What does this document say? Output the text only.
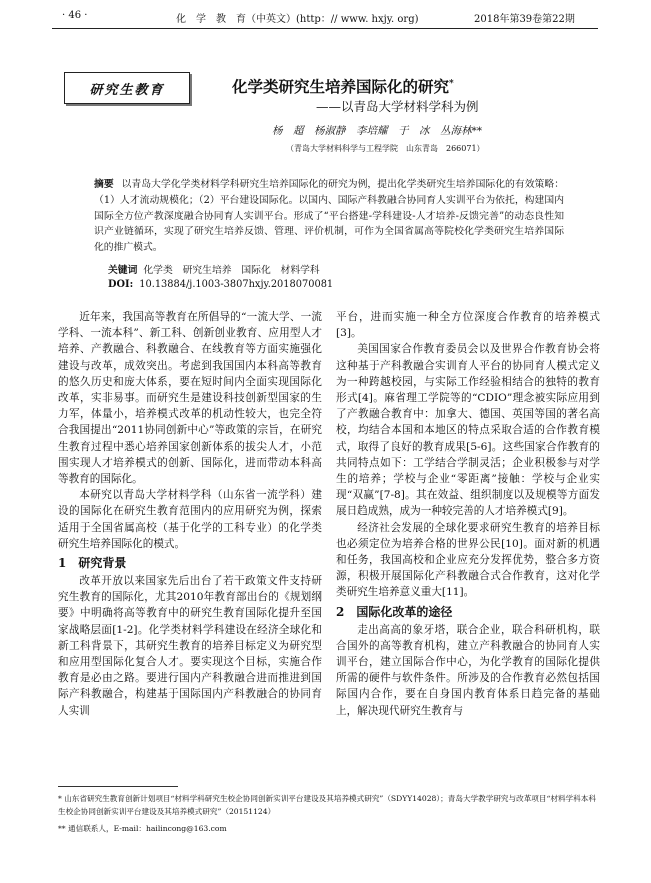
· 46 ·	化　学　教　育（中英文）(http：// www. hxjy. org)	2018年第39卷第22期
研究生教育	化学类研究生培养国际化的研究*
——以青岛大学材料学科为例
杨　超　杨淑静　李培耀　于　冰　丛海林**
（青岛大学材料科学与工程学院　山东青岛　266071）
摘要 以青岛大学化学类材料学科研究生培养国际化的研究为例，提出化学类研究生培养国际化的有效策略：（1）人才流动规模化；（2）平台建设国际化。以国内、国际产科教融合协同育人实训平台为依托，构建国内国际全方位产教深度融合协同育人实训平台。形成了“平台搭建-学科建设-人才培养-反馈完善”的动态良性知识产业链循环，实现了研究生培养反馈、管理、评价机制，可作为全国省属高等院校化学类研究生培养国际化的推广模式。
关键词 化学类　研究生培养　国际化　材料学科
DOI: 10.13884/j.1003-3807hxjy.2018070081

近年来，我国高等教育在所倡导的“一流大学、一流学科、一流本科”、新工科、创新创业教育、应用型人才培养、产教融合、科教融合、在线教育等方面实施强化建设与改革，成效突出。考虑到我国国内本科高等教育的悠久历史和庞大体系，要在短时间内全面实现国际化改革，实非易事。而研究生是建设科技创新型国家的生力军，体量小，培养模式改革的机动性较大，也完全符合我国提出“2011协同创新中心”等政策的宗旨，在研究生教育过程中悉心培养国家创新体系的拔尖人才，小范围实现人才培养模式的创新、国际化，进而带动本科高等教育的国际化。

本研究以青岛大学材料学科（山东省一流学科）建设的国际化在研究生教育范围内的应用研究为例，探索适用于全国省属高校（基于化学的工科专业）的化学类研究生培养国际化的模式。

1 研究背景

改革开放以来国家先后出台了若干政策文件支持研究生教育的国际化，尤其2010年教育部出台的《规划纲要》中明确将高等教育中的研究生教育国际化提升至国家战略层面[1-2]。化学类材料学科建设在经济全球化和新工科背景下，其研究生教育的培养目标定义为研究型和应用型国际化复合人才。要实现这个目标，实施合作教育是必由之路。要进行国内产科教融合进而推进到国际产科教融合，构建基于国际国内产科教融合的协同育人实训

平台，进而实施一种全方位深度合作教育的培养模式[3]。

美国国家合作教育委员会以及世界合作教育协会将这种基于产科教融合实训育人平台的协同育人模式定义为一种跨越校园，与实际工作经验相结合的独特的教育形式[4]。麻省理工学院等的“CDIO”理念被实际应用到了产教融合教育中：加拿大、德国、英国等国的著名高校，均结合本国和本地区的特点采取合适的合作教育模式，取得了良好的教育成果[5-6]。这些国家合作教育的共同特点如下：工学结合学制灵活；企业积极参与对学生的培养；学校与企业“零距离”接触：学校与企业实现“双赢”[7-8]。其在效益、组织制度以及规模等方面发展日趋成熟，成为一种较完善的人才培养模式[9]。

经济社会发展的全球化要求研究生教育的培养目标也必须定位为培养合格的世界公民[10]。面对新的机遇和任务，我国高校和企业应充分发挥优势，整合多方资源，积极开展国际化产科教融合式合作教育，这对化学类研究生培养意义重大[11]。

2 国际化改革的途径

走出高高的象牙塔，联合企业，联合科研机构，联合国外的高等教育机构，建立产科教融合的协同育人实训平台，建立国际合作中心，为化学教育的国际化提供所需的硬件与软件条件。所涉及的合作教育必然包括国际国内合作，要在自身国内教育体系日趋完备的基础上，解决现代研究生教育与

* 山东省研究生教育创新计划项目“材料学科研究生校企协同创新实训平台建设及其培养模式研究”（SDYY14028）；青岛大学教学研究与改革项目“材料学科本科生校企协同创新实训平台建设及其培养模式研究”（20151124）
** 通信联系人，E-mail：hailincong@163.com
